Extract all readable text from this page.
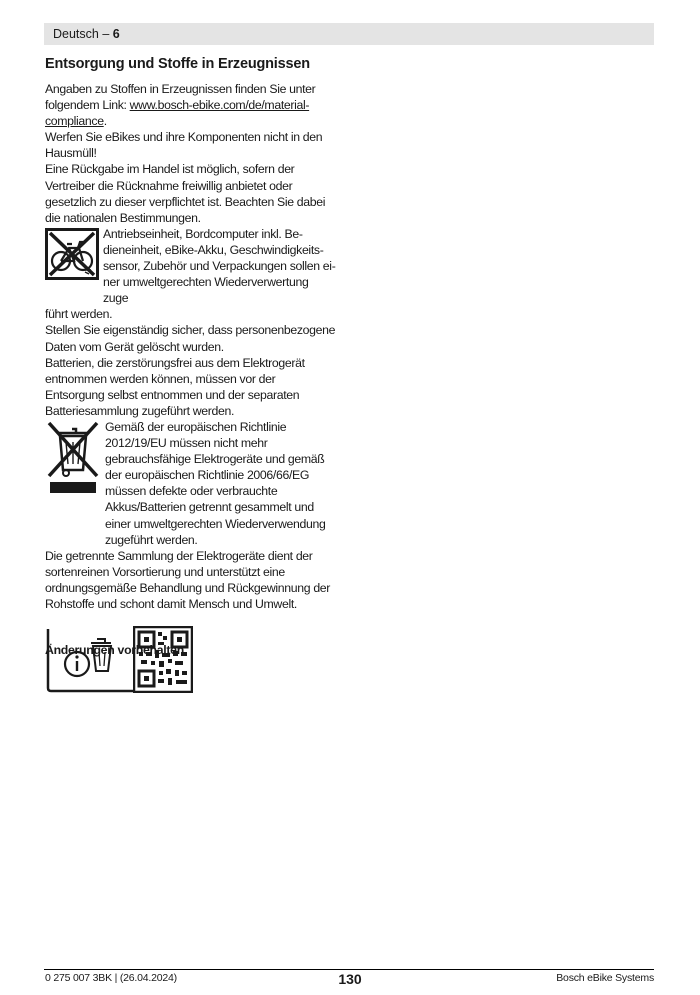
Deutsch – 6
Entsorgung und Stoffe in Erzeugnissen

Angaben zu Stoffen in Erzeugnissen finden Sie unter folgendem Link: www.bosch-ebike.com/de/material-compliance.

Werfen Sie eBikes und ihre Komponenten nicht in den Hausmüll!

Eine Rückgabe im Handel ist möglich, sofern der Vertreiber die Rücknahme freiwillig anbietet oder gesetzlich zu dieser verpflichtet ist. Beachten Sie dabei die nationalen Bestimmungen.

Antriebseinheit, Bordcomputer inkl. Bedieneinheit, eBike-Akku, Geschwindigkeitssensor, Zubehör und Verpackungen sollen einer umweltgerechten Wiederverwertung zuge

führt werden.

Stellen Sie eigenständig sicher, dass personenbezogene Daten vom Gerät gelöscht wurden.

Batterien, die zerstörungsfrei aus dem Elektrogerät entnommen werden können, müssen vor der Entsorgung selbst entnommen und der separaten Batteriesammlung zugeführt werden.

Gemäß der europäischen Richtlinie 2012/19/EU müssen nicht mehr gebrauchsfähige Elektrogeräte und gemäß der europäischen Richtlinie 2006/66/EG müssen defekte oder verbrauchte Akkus/Batterien getrennt gesammelt und einer umweltgerechten Wiederverwendung zugeführt werden.

Die getrennte Sammlung der Elektrogeräte dient der sortenreinen Vorsortierung und unterstützt eine ordnungsgemäße Behandlung und Rückgewinnung der Rohstoffe und schont damit Mensch und Umwelt.

Änderungen vorbehalten.
0 275 007 3BK | (26.04.2024)	130	Bosch eBike Systems
